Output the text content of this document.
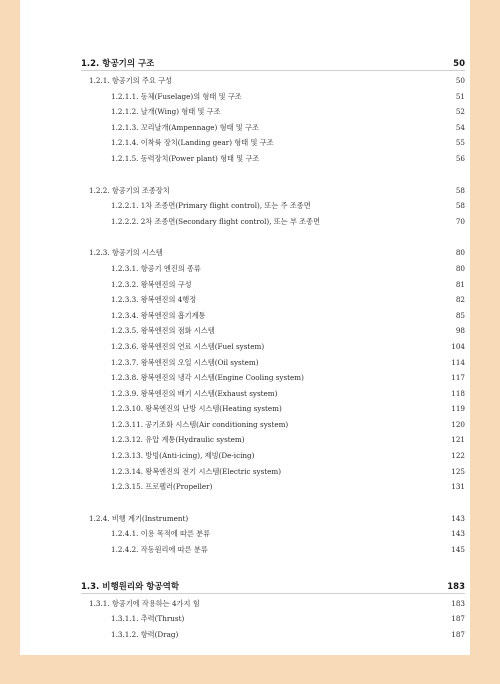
1.2. 항공기의 구조	50
1.2.1. 항공기의 주요 구성	50
1.2.1.1. 동체(Fuselage)의 형태 및 구조	51
1.2.1.2. 날개(Wing) 형태 및 구조	52
1.2.1.3. 꼬리날개(Ampennage) 형태 및 구조	54
1.2.1.4. 이착륙 장치(Landing gear) 형태 및 구조	55
1.2.1.5. 동력장치(Power plant) 형태 및 구조	56
1.2.2. 항공기의 조종장치	58
1.2.2.1. 1차 조종면(Primary flight control), 또는 주 조종면	58
1.2.2.2. 2차 조종면(Secondary flight control), 또는 부 조종면	70
1.2.3. 항공기의 시스템	80
1.2.3.1. 항공기 엔진의 종류	80
1.2.3.2. 왕복엔진의 구성	81
1.2.3.3. 왕복엔진의 4행정	82
1.2.3.4. 왕복엔진의 흡기계통	85
1.2.3.5. 왕복엔진의 점화 시스템	98
1.2.3.6. 왕복엔진의 연료 시스템(Fuel system)	104
1.2.3.7. 왕복엔진의 오일 시스템(Oil system)	114
1.2.3.8. 왕복엔진의 냉각 시스템(Engine Cooling system)	117
1.2.3.9. 왕복엔진의 배기 시스템(Exhaust system)	118
1.2.3.10. 왕복엔진의 난방 시스템(Heating system)	119
1.2.3.11. 공기조화 시스템(Air conditioning system)	120
1.2.3.12. 유압 계통(Hydraulic system)	121
1.2.3.13. 방빙(Anti-icing), 제빙(De-icing)	122
1.2.3.14. 왕복엔진의 전기 시스템(Electric system)	125
1.2.3.15. 프로펠러(Propeller)	131
1.2.4. 비행 계기(Instrument)	143
1.2.4.1. 이용 목적에 따른 분류	143
1.2.4.2. 작동원리에 따른 분류	145
1.3. 비행원리와 항공역학	183
1.3.1. 항공기에 작용하는 4가지 힘	183
1.3.1.1. 추력(Thrust)	187
1.3.1.2. 항력(Drag)	187
